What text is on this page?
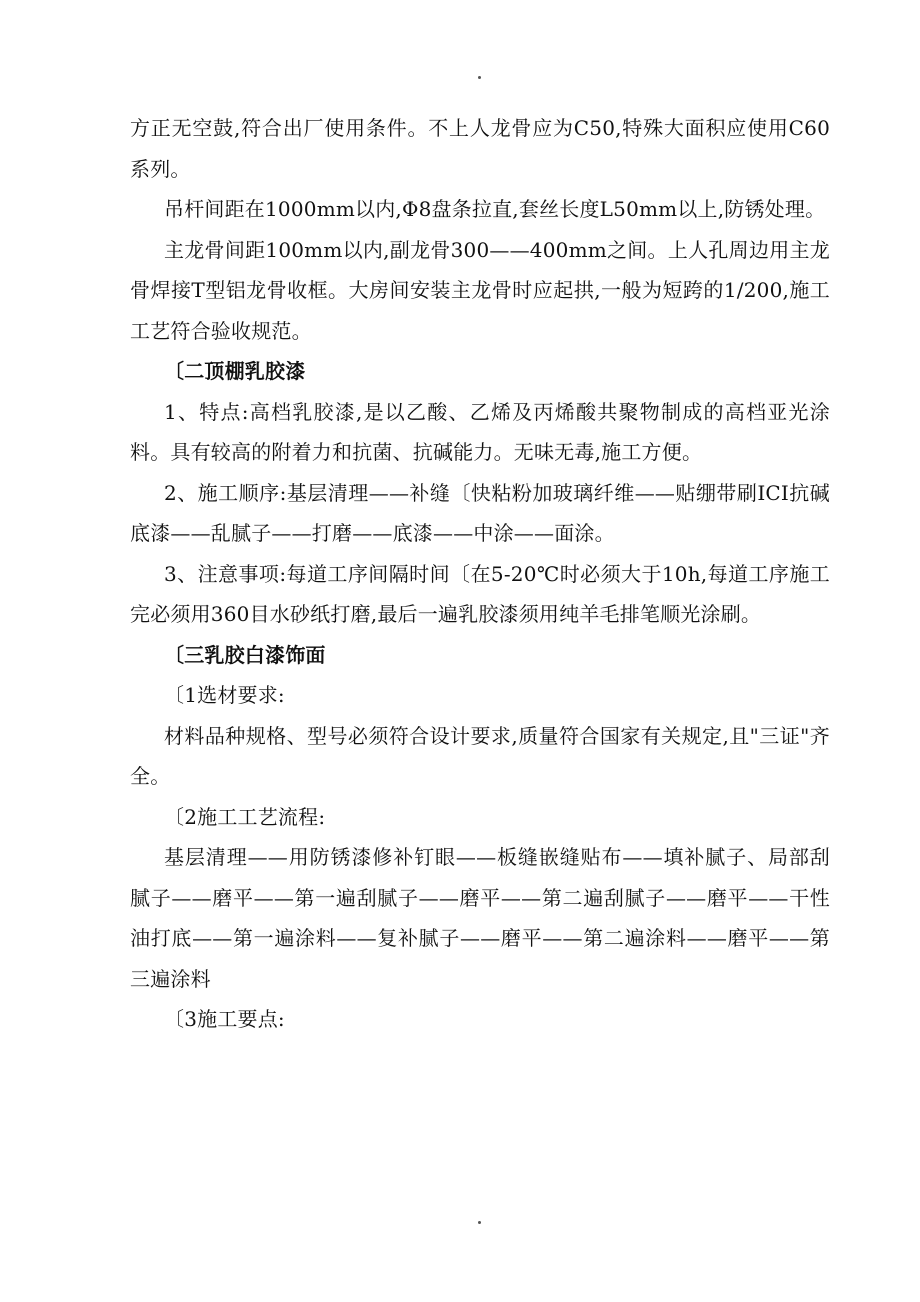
方正无空鼓,符合出厂使用条件。不上人龙骨应为C50,特殊大面积应使用C60系列。

吊杆间距在1000mm以内,Φ8盘条拉直,套丝长度L50mm以上,防锈处理。

主龙骨间距100mm以内,副龙骨300——400mm之间。上人孔周边用主龙骨焊接T型铝龙骨收框。大房间安装主龙骨时应起拱,一般为短跨的1/200,施工工艺符合验收规范。

〔二顶棚乳胶漆

1、特点:高档乳胶漆,是以乙酸、乙烯及丙烯酸共聚物制成的高档亚光涂料。具有较高的附着力和抗菌、抗碱能力。无味无毒,施工方便。

2、施工顺序:基层清理——补缝〔快粘粉加玻璃纤维——贴绷带刷ICI抗碱底漆——乱腻子——打磨——底漆——中涂——面涂。

3、注意事项:每道工序间隔时间〔在5-20℃时必须大于10h,每道工序施工完必须用360目水砂纸打磨,最后一遍乳胶漆须用纯羊毛排笔顺光涂刷。

〔三乳胶白漆饰面

〔1选材要求:

材料品种规格、型号必须符合设计要求,质量符合国家有关规定,且"三证"齐全。

〔2施工工艺流程:

基层清理——用防锈漆修补钉眼——板缝嵌缝贴布——填补腻子、局部刮腻子——磨平——第一遍刮腻子——磨平——第二遍刮腻子——磨平——干性油打底——第一遍涂料——复补腻子——磨平——第二遍涂料——磨平——第三遍涂料

〔3施工要点:
